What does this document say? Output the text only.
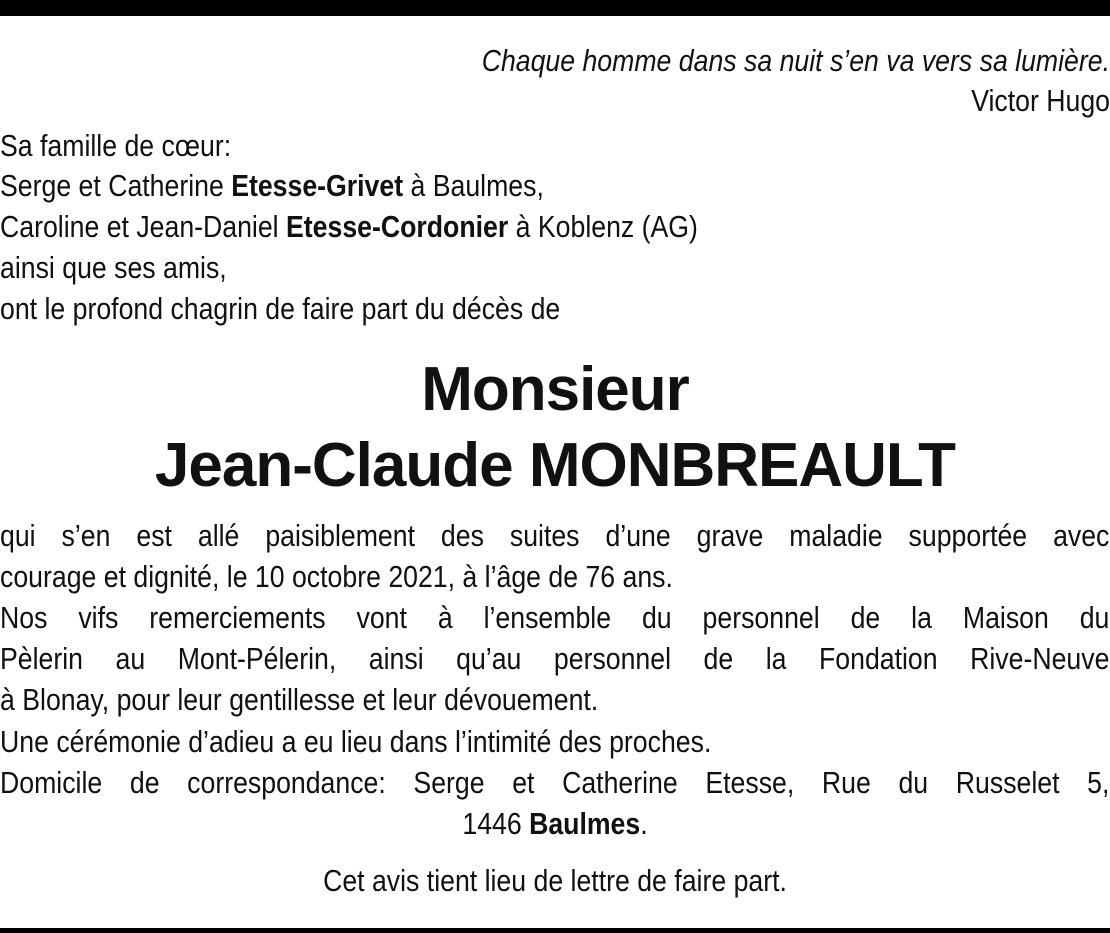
Chaque homme dans sa nuit s’en va vers sa lumière.
Victor Hugo
Sa famille de cœur:
Serge et Catherine Etesse-Grivet à Baulmes,
Caroline et Jean-Daniel Etesse-Cordonier à Koblenz (AG)
ainsi que ses amis,
ont le profond chagrin de faire part du décès de
Monsieur
Jean-Claude MONBREAULT
qui s’en est allé paisiblement des suites d’une grave maladie supportée avec
courage et dignité, le 10 octobre 2021, à l’âge de 76 ans.
Nos vifs remerciements vont à l’ensemble du personnel de la Maison du
Pèlerin au Mont-Pélerin, ainsi qu’au personnel de la Fondation Rive-Neuve
à Blonay, pour leur gentillesse et leur dévouement.
Une cérémonie d’adieu a eu lieu dans l’intimité des proches.
Domicile de correspondance: Serge et Catherine Etesse, Rue du Russelet 5,
1446 Baulmes.
Cet avis tient lieu de lettre de faire part.
